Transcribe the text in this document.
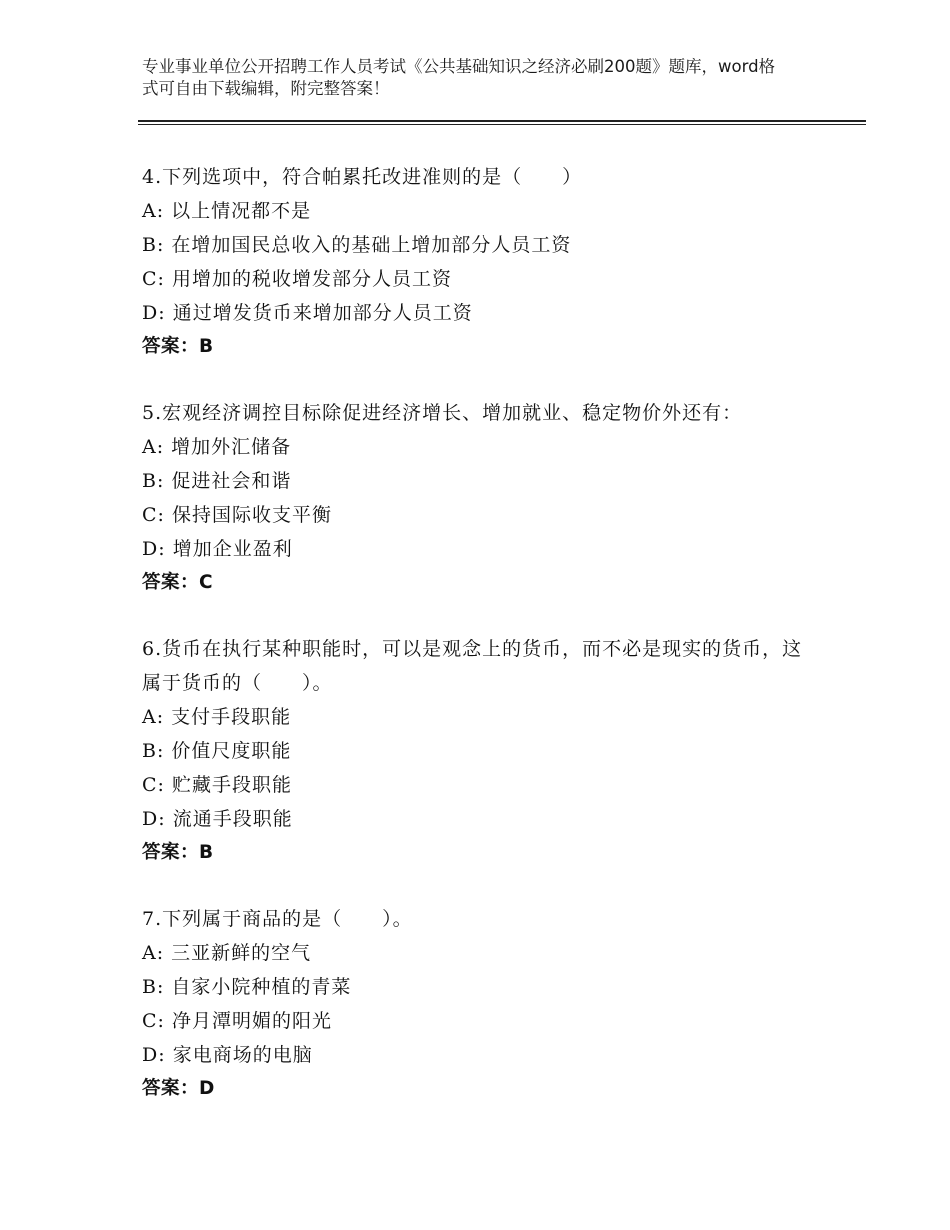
专业事业单位公开招聘工作人员考试《公共基础知识之经济必刷200题》题库，word格式可自由下载编辑，附完整答案！
4.下列选项中，符合帕累托改进准则的是（　　）
A:
以上情况都不是
B:
在增加国民总收入的基础上增加部分人员工资
C:
用增加的税收增发部分人员工资
D:
通过增发货币来增加部分人员工资
答案：B
5.宏观经济调控目标除促进经济增长、增加就业、稳定物价外还有：
A:
增加外汇储备
B:
促进社会和谐
C:
保持国际收支平衡
D:
增加企业盈利
答案：C
6.货币在执行某种职能时，可以是观念上的货币，而不必是现实的货币，这属于货币的（　　）。
A:
支付手段职能
B:
价值尺度职能
C:
贮藏手段职能
D:
流通手段职能
答案：B
7.下列属于商品的是（　　）。
A:
三亚新鲜的空气
B:
自家小院种植的青菜
C:
净月潭明媚的阳光
D:
家电商场的电脑
答案：D
